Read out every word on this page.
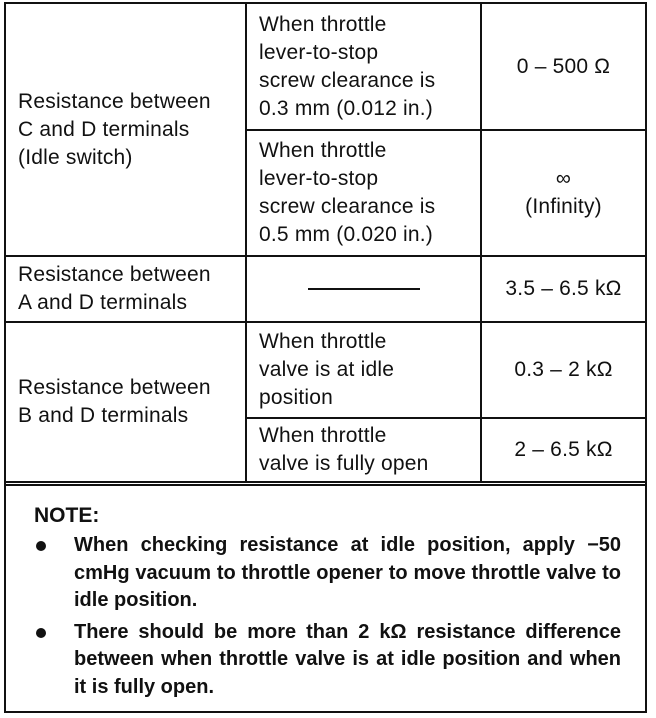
Resistance between
C and D terminals
(Idle switch)	When throttle
lever-to-stop
screw clearance is
0.3 mm (0.012 in.)	0 – 500 Ω
	When throttle
lever-to-stop
screw clearance is
0.5 mm (0.020 in.)	∞
(Infinity)
Resistance between
A and D terminals		3.5 – 6.5 kΩ
Resistance between
B and D terminals	When throttle
valve is at idle
position	0.3 – 2 kΩ
	When throttle
valve is fully open	2 – 6.5 kΩ
NOTE:
When checking resistance at idle position, apply −50 cmHg vacuum to throttle opener to move throttle valve to idle position.
There should be more than 2 kΩ resistance difference between when throttle valve is at idle position and when it is fully open.
